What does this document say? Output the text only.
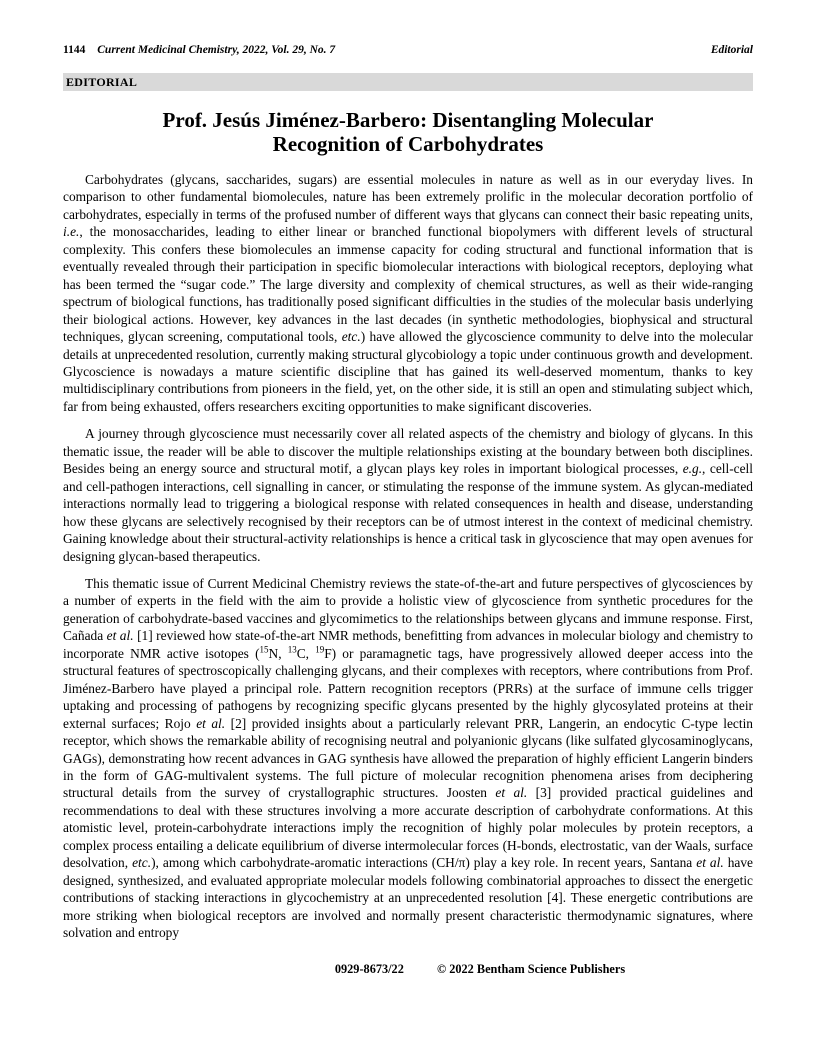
1144 Current Medicinal Chemistry, 2022, Vol. 29, No. 7	Editorial
EDITORIAL
Prof. Jesús Jiménez-Barbero: Disentangling Molecular Recognition of Carbohydrates

Carbohydrates (glycans, saccharides, sugars) are essential molecules in nature as well as in our everyday lives. In comparison to other fundamental biomolecules, nature has been extremely prolific in the molecular decoration portfolio of carbohydrates, especially in terms of the profused number of different ways that glycans can connect their basic repeating units, i.e., the monosaccharides, leading to either linear or branched functional biopolymers with different levels of structural complexity. This confers these biomolecules an immense capacity for coding structural and functional information that is eventually revealed through their participation in specific biomolecular interactions with biological receptors, deploying what has been termed the “sugar code.” The large diversity and complexity of chemical structures, as well as their wide-ranging spectrum of biological functions, has traditionally posed significant difficulties in the studies of the molecular basis underlying their biological actions. However, key advances in the last decades (in synthetic methodologies, biophysical and structural techniques, glycan screening, computational tools, etc.) have allowed the glycoscience community to delve into the molecular details at unprecedented resolution, currently making structural glycobiology a topic under continuous growth and development. Glycoscience is nowadays a mature scientific discipline that has gained its well-deserved momentum, thanks to key multidisciplinary contributions from pioneers in the field, yet, on the other side, it is still an open and stimulating subject which, far from being exhausted, offers researchers exciting opportunities to make significant discoveries.

A journey through glycoscience must necessarily cover all related aspects of the chemistry and biology of glycans. In this thematic issue, the reader will be able to discover the multiple relationships existing at the boundary between both disciplines. Besides being an energy source and structural motif, a glycan plays key roles in important biological processes, e.g., cell-cell and cell-pathogen interactions, cell signalling in cancer, or stimulating the response of the immune system. As glycan-mediated interactions normally lead to triggering a biological response with related consequences in health and disease, understanding how these glycans are selectively recognised by their receptors can be of utmost interest in the context of medicinal chemistry. Gaining knowledge about their structural-activity relationships is hence a critical task in glycoscience that may open avenues for designing glycan-based therapeutics.

This thematic issue of Current Medicinal Chemistry reviews the state-of-the-art and future perspectives of glycosciences by a number of experts in the field with the aim to provide a holistic view of glycoscience from synthetic procedures for the generation of carbohydrate-based vaccines and glycomimetics to the relationships between glycans and immune response. First, Cañada et al. [1] reviewed how state-of-the-art NMR methods, benefitting from advances in molecular biology and chemistry to incorporate NMR active isotopes ($^{15}$N, $^{13}$C, $^{19}$F) or paramagnetic tags, have progressively allowed deeper access into the structural features of spectroscopically challenging glycans, and their complexes with receptors, where contributions from Prof. Jiménez-Barbero have played a principal role. Pattern recognition receptors (PRRs) at the surface of immune cells trigger uptaking and processing of pathogens by recognizing specific glycans presented by the highly glycosylated proteins at their external surfaces; Rojo et al. [2] provided insights about a particularly relevant PRR, Langerin, an endocytic C-type lectin receptor, which shows the remarkable ability of recognising neutral and polyanionic glycans (like sulfated glycosaminoglycans, GAGs), demonstrating how recent advances in GAG synthesis have allowed the preparation of highly efficient Langerin binders in the form of GAG-multivalent systems. The full picture of molecular recognition phenomena arises from deciphering structural details from the survey of crystallographic structures. Joosten et al. [3] provided practical guidelines and recommendations to deal with these structures involving a more accurate description of carbohydrate conformations. At this atomistic level, protein-carbohydrate interactions imply the recognition of highly polar molecules by protein receptors, a complex process entailing a delicate equilibrium of diverse intermolecular forces (H-bonds, electrostatic, van der Waals, surface desolvation, etc.), among which carbohydrate-aromatic interactions (CH/π) play a key role. In recent years, Santana et al. have designed, synthesized, and evaluated appropriate molecular models following combinatorial approaches to dissect the energetic contributions of stacking interactions in glycochemistry at an unprecedented resolution [4]. These energetic contributions are more striking when biological receptors are involved and normally present characteristic thermodynamic signatures, where solvation and entropy

0929-8673/22	© 2022 Bentham Science Publishers
